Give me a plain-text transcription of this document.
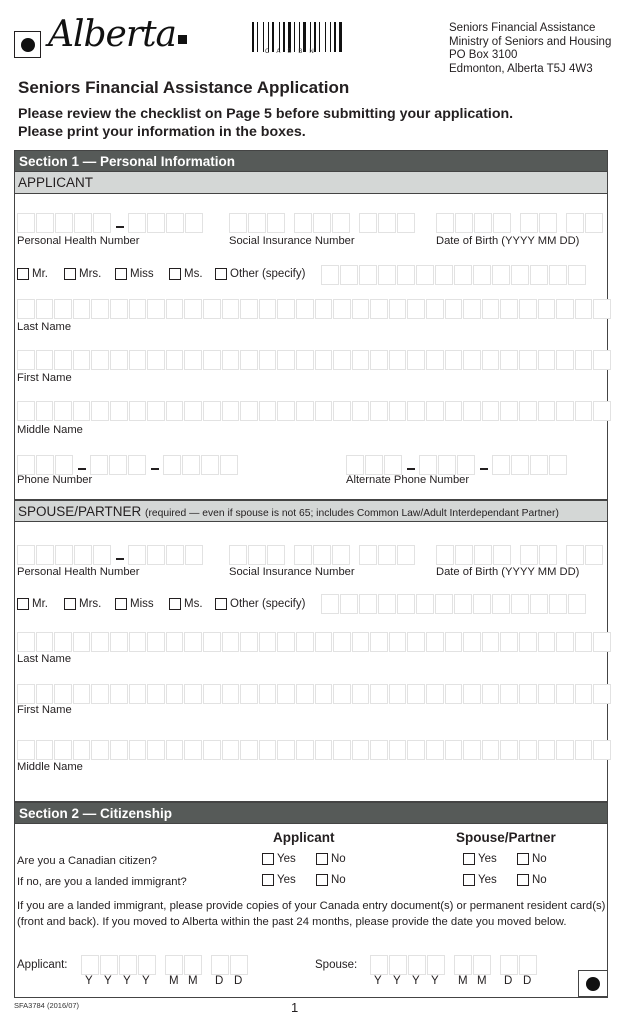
Alberta	CASBN
Seniors Financial Assistance
Ministry of Seniors and Housing
PO Box 3100
Edmonton, Alberta T5J 4W3
Seniors Financial Assistance Application
Please review the checklist on Page 5 before submitting your application.
Please print your information in the boxes.
Section 1 — Personal Information
APPLICANT
Personal Health Number	Social Insurance Number	Date of Birth (YYYY MM DD)
Mr.	Mrs. Miss	Ms. Other (specify)
Last Name
First Name
Middle Name
Phone Number	Alternate Phone Number
SPOUSE/PARTNER (required — even if spouse is not 65; includes Common Law/Adult Interdependant Partner)
Personal Health Number	Social Insurance Number	Date of Birth (YYYY MM DD)
Mr.	Mrs. Miss	Ms. Other (specify)
Last Name
First Name
Middle Name
Section 2 — Citizenship
Applicant	Spouse/Partner
Are you a Canadian citizen?	Yes	No	Yes	No
If no, are you a landed immigrant?	Yes	No	Yes	No
If you are a landed immigrant, please provide copies of your Canada entry document(s) or permanent resident card(s) (front and back). If you moved to Alberta within the past 24 months, please provide the date you moved below.
Applicant:
Y Y Y Y M M D D
Spouse:
Y Y Y Y M M D D
SFA3784 (2016/07)	1
